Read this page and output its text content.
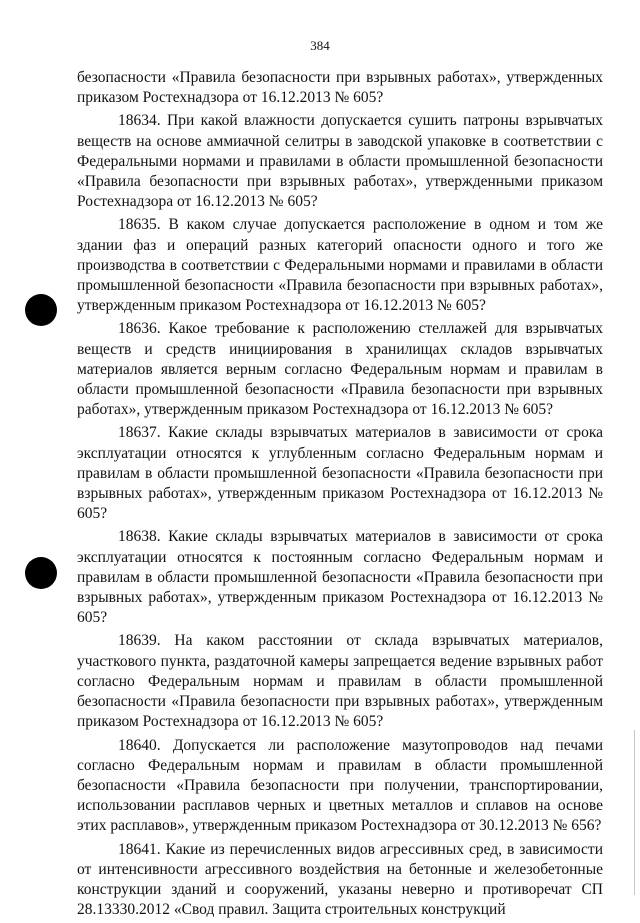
384

безопасности «Правила безопасности при взрывных работах», утвержденных приказом Ростехнадзора от 16.12.2013 № 605?

18634. При какой влажности допускается сушить патроны взрывчатых веществ на основе аммиачной селитры в заводской упаковке в соответствии с Федеральными нормами и правилами в области промышленной безопасности «Правила безопасности при взрывных работах», утвержденными приказом Ростехнадзора от 16.12.2013 № 605?

18635. В каком случае допускается расположение в одном и том же здании фаз и операций разных категорий опасности одного и того же производства в соответствии с Федеральными нормами и правилами в области промышленной безопасности «Правила безопасности при взрывных работах», утвержденным приказом Ростехнадзора от 16.12.2013 № 605?

18636. Какое требование к расположению стеллажей для взрывчатых веществ и средств инициирования в хранилищах складов взрывчатых материалов является верным согласно Федеральным нормам и правилам в области промышленной безопасности «Правила безопасности при взрывных работах», утвержденным приказом Ростехнадзора от 16.12.2013 № 605?

18637. Какие склады взрывчатых материалов в зависимости от срока эксплуатации относятся к углубленным согласно Федеральным нормам и правилам в области промышленной безопасности «Правила безопасности при взрывных работах», утвержденным приказом Ростехнадзора от 16.12.2013 № 605?

18638. Какие склады взрывчатых материалов в зависимости от срока эксплуатации относятся к постоянным согласно Федеральным нормам и правилам в области промышленной безопасности «Правила безопасности при взрывных работах», утвержденным приказом Ростехнадзора от 16.12.2013 № 605?

18639. На каком расстоянии от склада взрывчатых материалов, участкового пункта, раздаточной камеры запрещается ведение взрывных работ согласно Федеральным нормам и правилам в области промышленной безопасности «Правила безопасности при взрывных работах», утвержденным приказом Ростехнадзора от 16.12.2013 № 605?

18640. Допускается ли расположение мазутопроводов над печами согласно Федеральным нормам и правилам в области промышленной безопасности «Правила безопасности при получении, транспортировании, использовании расплавов черных и цветных металлов и сплавов на основе этих расплавов», утвержденным приказом Ростехнадзора от 30.12.2013 № 656?

18641. Какие из перечисленных видов агрессивных сред, в зависимости от интенсивности агрессивного воздействия на бетонные и железобетонные конструкции зданий и сооружений, указаны неверно и противоречат СП 28.13330.2012 «Свод правил. Защита строительных конструкций
